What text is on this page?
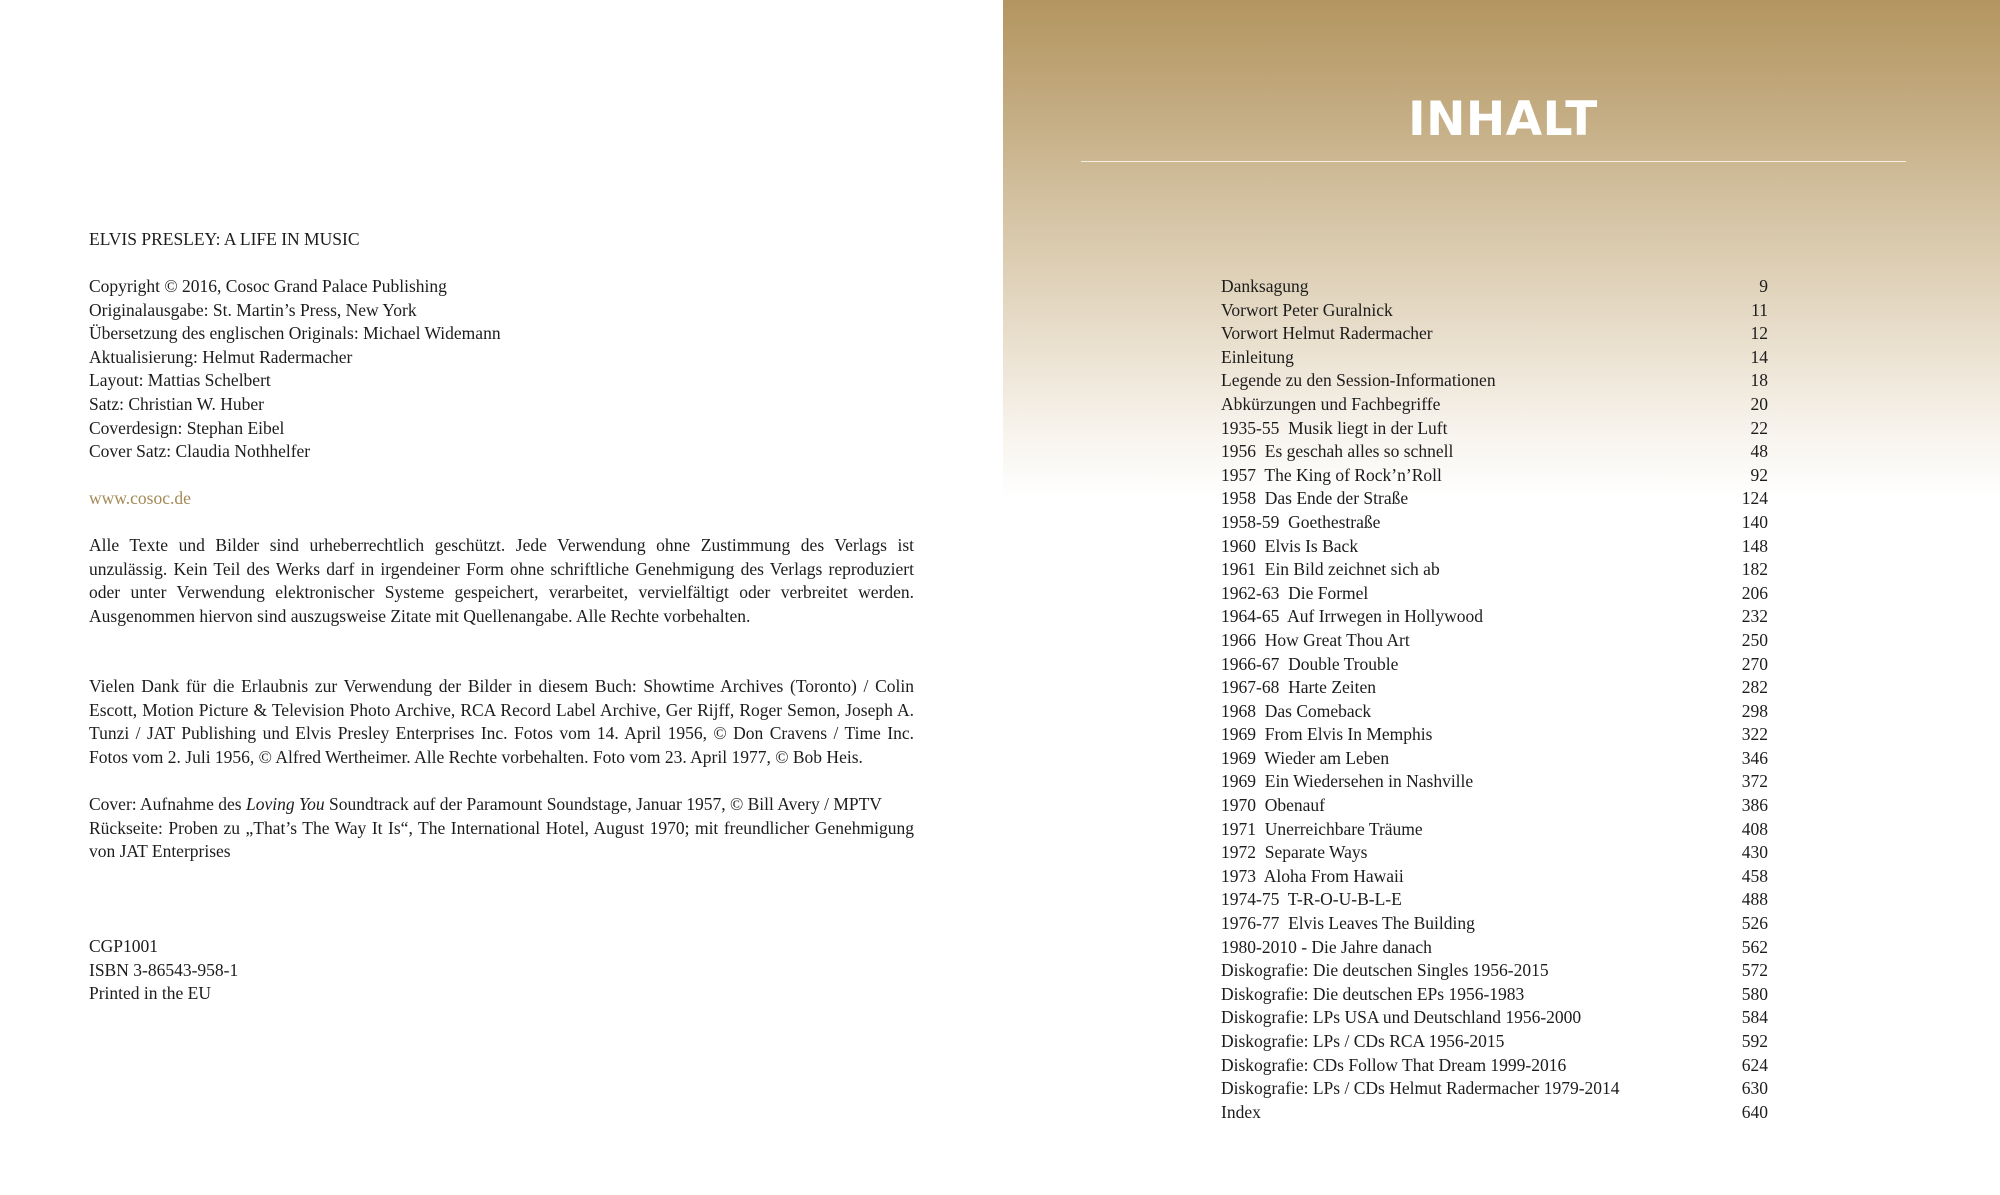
ELVIS PRESLEY: A LIFE IN MUSIC
Copyright © 2016, Cosoc Grand Palace Publishing
Originalausgabe: St. Martin’s Press, New York
Übersetzung des englischen Originals: Michael Widemann
Aktualisierung: Helmut Radermacher
Layout: Mattias Schelbert
Satz: Christian W. Huber
Coverdesign: Stephan Eibel
Cover Satz: Claudia Nothhelfer
www.cosoc.de
Alle Texte und Bilder sind urheberrechtlich geschützt. Jede Verwendung ohne Zustimmung des Verlags ist unzulässig. Kein Teil des Werks darf in irgendeiner Form ohne schriftliche Genehmigung des Verlags reproduziert oder unter Verwendung elektronischer Systeme gespeichert, verarbeitet, vervielfältigt oder verbreitet werden. Ausgenommen hiervon sind auszugsweise Zitate mit Quellenangabe. Alle Rechte vorbehalten.
Vielen Dank für die Erlaubnis zur Verwendung der Bilder in diesem Buch: Showtime Archives (Toronto) / Colin Escott, Motion Picture & Television Photo Archive, RCA Record Label Archive, Ger Rijff, Roger Semon, Joseph A. Tunzi / JAT Publishing und Elvis Presley Enterprises Inc. Fotos vom 14. April 1956, © Don Cravens / Time Inc. Fotos vom 2. Juli 1956, © Alfred Wertheimer. Alle Rechte vorbehalten. Foto vom 23. April 1977, © Bob Heis.
Cover: Aufnahme des Loving You Soundtrack auf der Paramount Soundstage, Januar 1957, © Bill Avery / MPTV
Rückseite: Proben zu „That’s The Way It Is“, The International Hotel, August 1970; mit freundlicher Genehmigung von JAT Enterprises
CGP1001
ISBN 3-86543-958-1
Printed in the EU
INHALT
Danksagung	9
Vorwort Peter Guralnick	11
Vorwort Helmut Radermacher	12
Einleitung	14
Legende zu den Session-Informationen	18
Abkürzungen und Fachbegriffe	20
1935-55  Musik liegt in der Luft	22
1956  Es geschah alles so schnell	48
1957  The King of Rock’n’Roll	92
1958  Das Ende der Straße	124
1958-59  Goethestraße	140
1960  Elvis Is Back	148
1961  Ein Bild zeichnet sich ab	182
1962-63  Die Formel	206
1964-65  Auf Irrwegen in Hollywood	232
1966  How Great Thou Art	250
1966-67  Double Trouble	270
1967-68  Harte Zeiten	282
1968  Das Comeback	298
1969  From Elvis In Memphis	322
1969  Wieder am Leben	346
1969  Ein Wiedersehen in Nashville	372
1970  Obenauf	386
1971  Unerreichbare Träume	408
1972  Separate Ways	430
1973  Aloha From Hawaii	458
1974-75  T-R-O-U-B-L-E	488
1976-77  Elvis Leaves The Building	526
1980-2010 - Die Jahre danach	562
Diskografie: Die deutschen Singles 1956-2015	572
Diskografie: Die deutschen EPs 1956-1983	580
Diskografie: LPs USA und Deutschland 1956-2000	584
Diskografie: LPs / CDs RCA 1956-2015	592
Diskografie: CDs Follow That Dream 1999-2016	624
Diskografie: LPs / CDs Helmut Radermacher 1979-2014	630
Index	640
